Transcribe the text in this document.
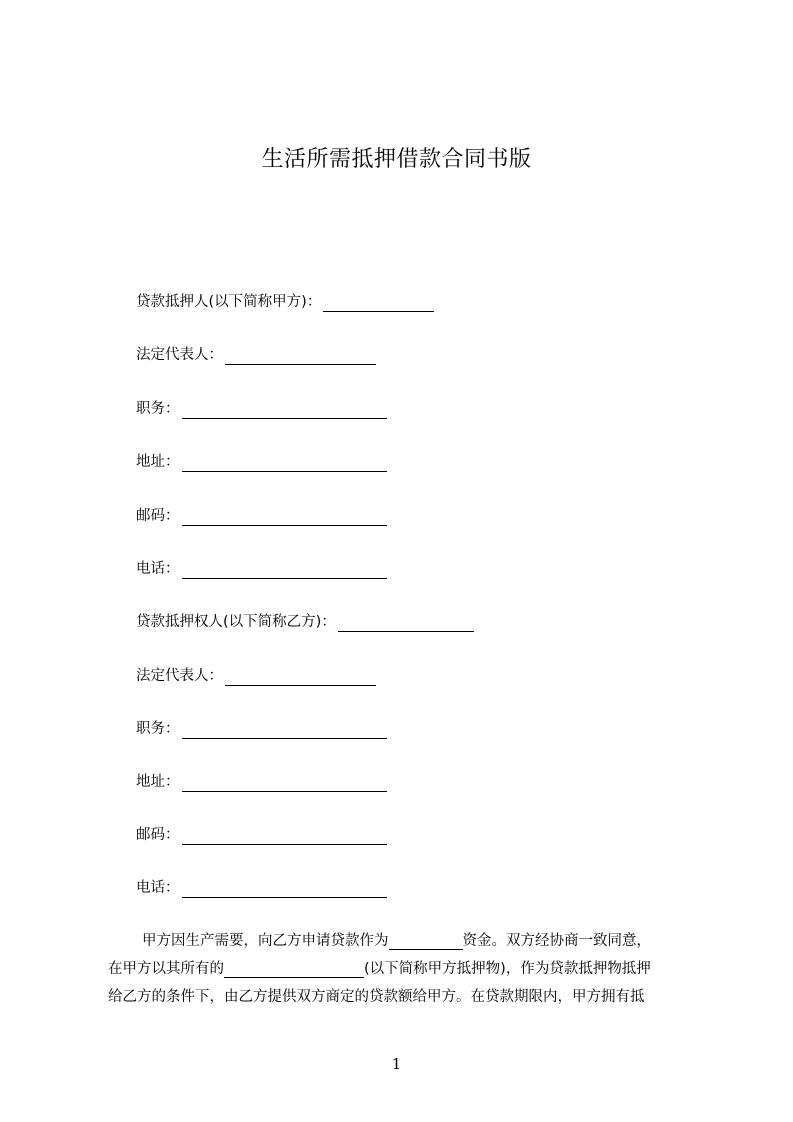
生活所需抵押借款合同书版
贷款抵押人(以下简称甲方)：
法定代表人：
职务：
地址：
邮码：
电话：
贷款抵押权人(以下简称乙方)：
法定代表人：
职务：
地址：
邮码：
电话：
甲方因生产需要，向乙方申请贷款作为	资金。双方经协商一致同意，
在甲方以其所有的	(以下简称甲方抵押物)，作为贷款抵押物抵押
给乙方的条件下，由乙方提供双方商定的贷款额给甲方。在贷款期限内，甲方拥有抵
1
